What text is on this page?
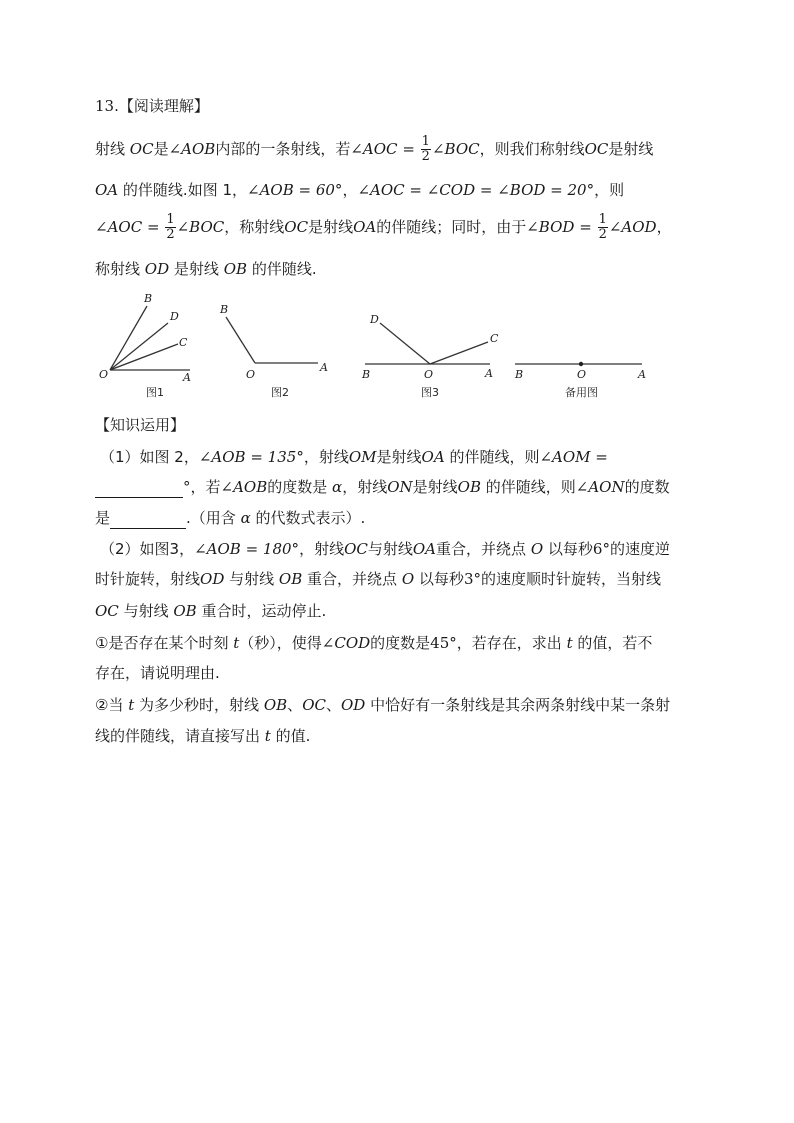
13.【阅读理解】
射线 OC是∠AOB内部的一条射线，若∠AOC = $\frac{1}{2}$ ∠BOC，则我们称射线OC是射线
OA 的伴随线.如图 1，∠AOB = 60°，∠AOC = ∠COD = ∠BOD = 20°，则
∠AOC = $\frac{1}{2}$ ∠BOC，称射线OC是射线OA的伴随线；同时，由于∠BOD = $\frac{1}{2}$ ∠AOD，
称射线 OD 是射线 OB 的伴随线.
B
D
C
O	A
图1
B
O
A
图2
D
C
B	O	A
图3
B	O	A
备用图
【知识运用】
（1）如图 2，∠AOB = 135°，射线OM是射线OA 的伴随线，则∠AOM =
°，若∠AOB的度数是 α，射线ON是射线OB 的伴随线，则∠AON的度数
是	.（用含 α 的代数式表示）.
（2）如图3，∠AOB = 180°，射线OC与射线OA重合，并绕点 O 以每秒6°的速度逆
时针旋转，射线OD 与射线 OB 重合，并绕点 O 以每秒3°的速度顺时针旋转，当射线
OC 与射线 OB 重合时，运动停止.
①是否存在某个时刻 t（秒），使得∠COD的度数是45°，若存在，求出 t 的值，若不
存在，请说明理由.
②当 t 为多少秒时，射线 OB、OC、OD 中恰好有一条射线是其余两条射线中某一条射
线的伴随线，请直接写出 t 的值.
